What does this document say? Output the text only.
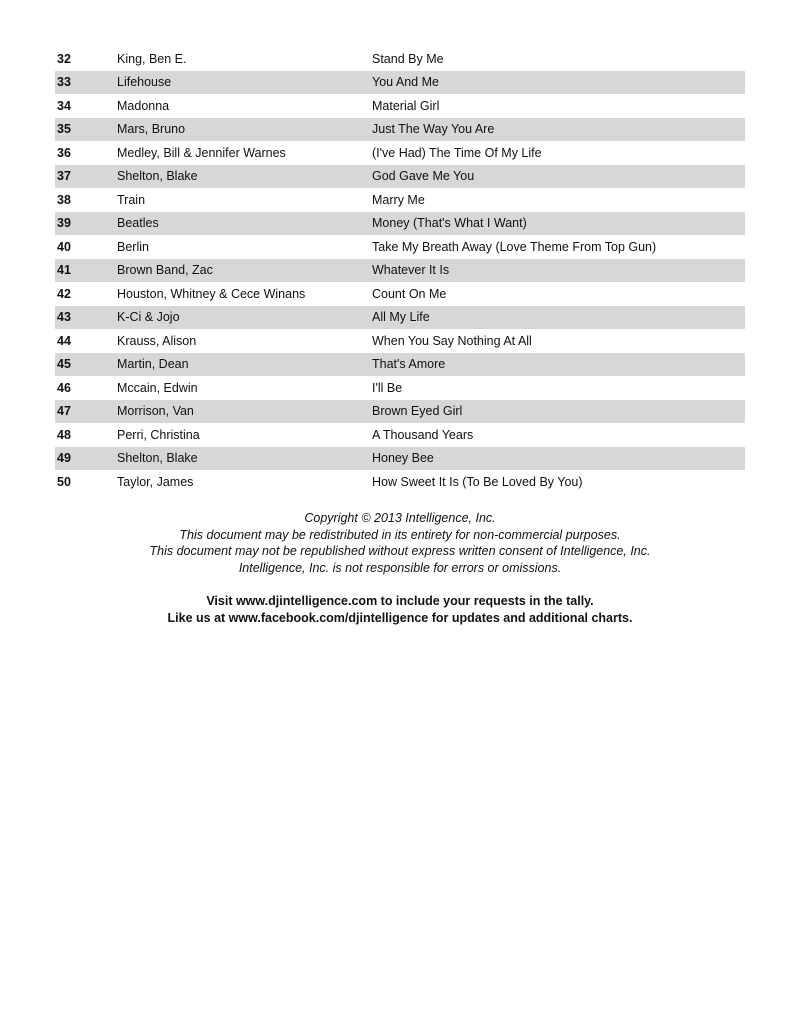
32	King, Ben E.	Stand By Me
33	Lifehouse	You And Me
34	Madonna	Material Girl
35	Mars, Bruno	Just The Way You Are
36	Medley, Bill & Jennifer Warnes	(I've Had) The Time Of My Life
37	Shelton, Blake	God Gave Me You
38	Train	Marry Me
39	Beatles	Money (That's What I Want)
40	Berlin	Take My Breath Away (Love Theme From Top Gun)
41	Brown Band, Zac	Whatever It Is
42	Houston, Whitney & Cece Winans	Count On Me
43	K-Ci & Jojo	All My Life
44	Krauss, Alison	When You Say Nothing At All
45	Martin, Dean	That's Amore
46	Mccain, Edwin	I'll Be
47	Morrison, Van	Brown Eyed Girl
48	Perri, Christina	A Thousand Years
49	Shelton, Blake	Honey Bee
50	Taylor, James	How Sweet It Is (To Be Loved By You)
Copyright © 2013 Intelligence, Inc.
This document may be redistributed in its entirety for non-commercial purposes.
This document may not be republished without express written consent of Intelligence, Inc.
Intelligence, Inc. is not responsible for errors or omissions.
Visit www.djintelligence.com to include your requests in the tally.
Like us at www.facebook.com/djintelligence for updates and additional charts.
